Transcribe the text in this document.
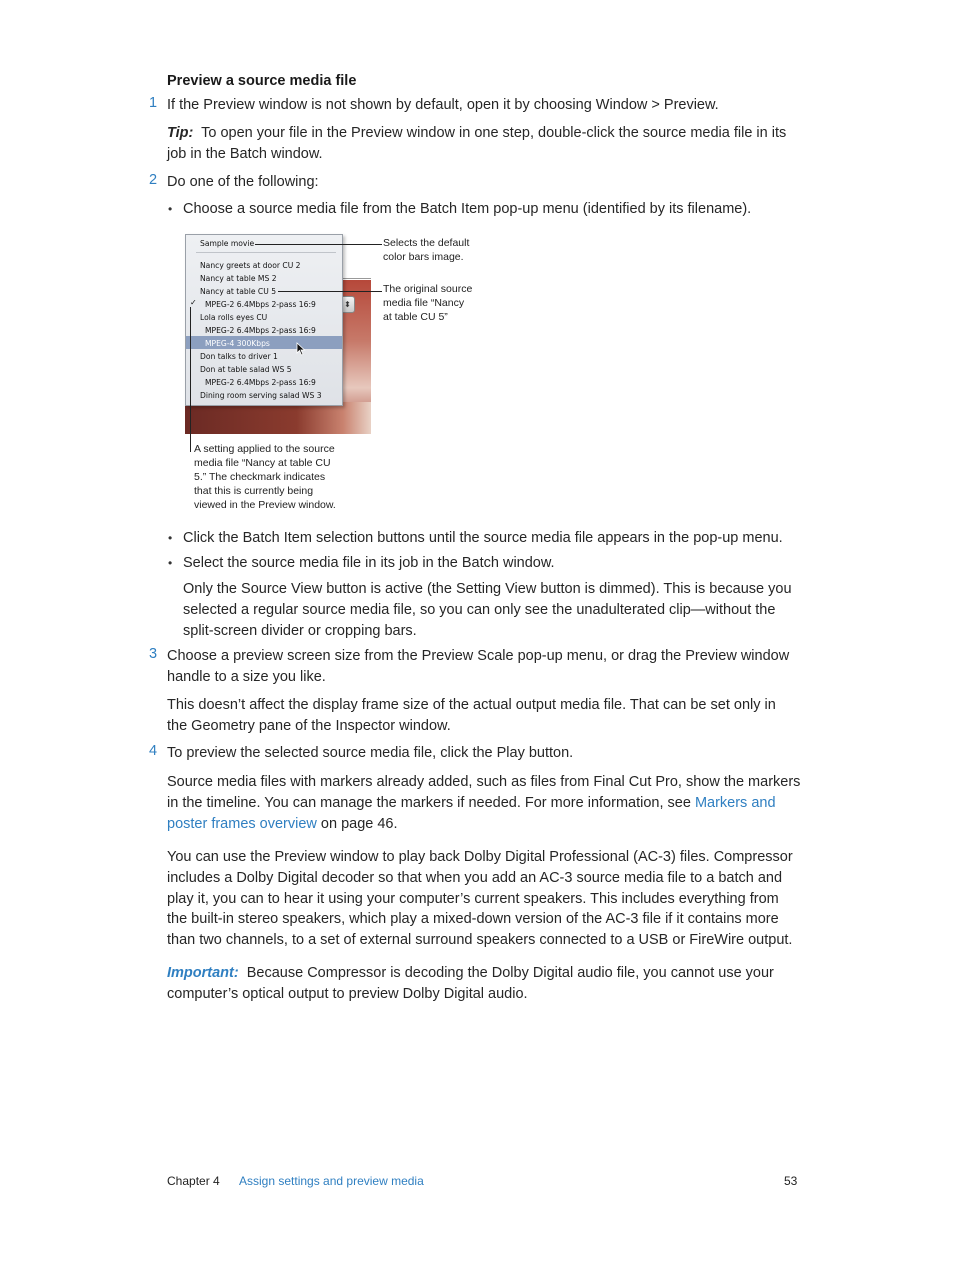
Preview a source media file
1 If the Preview window is not shown by default, open it by choosing Window > Preview.
Tip: To open your file in the Preview window in one step, double-click the source media file in its
job in the Batch window.
2 Do one of the following:
• Choose a source media file from the Batch Item pop-up menu (identified by its filename).
⬍
Sample movie
Nancy greets at door CU 2
Nancy at table MS 2
Nancy at table CU 5
✓ MPEG-2 6.4Mbps 2-pass 16:9
Lola rolls eyes CU
MPEG-2 6.4Mbps 2-pass 16:9
MPEG-4 300Kbps
Don talks to driver 1
Don at table salad WS 5
MPEG-2 6.4Mbps 2-pass 16:9
Dining room serving salad WS 3
Selects the default
color bars image.
The original source
media file “Nancy
at table CU 5”
A setting applied to the source
media file “Nancy at table CU
5.” The checkmark indicates
that this is currently being
viewed in the Preview window.
• Click the Batch Item selection buttons until the source media file appears in the pop-up menu.
• Select the source media file in its job in the Batch window.
Only the Source View button is active (the Setting View button is dimmed). This is because you
selected a regular source media file, so you can only see the unadulterated clip—without the
split-screen divider or cropping bars.
3 Choose a preview screen size from the Preview Scale pop-up menu, or drag the Preview window
handle to a size you like.
This doesn’t affect the display frame size of the actual output media file. That can be set only in
the Geometry pane of the Inspector window.
4 To preview the selected source media file, click the Play button.
Source media files with markers already added, such as files from Final Cut Pro, show the markers
in the timeline. You can manage the markers if needed. For more information, see Markers and
poster frames overview on page 46.
You can use the Preview window to play back Dolby Digital Professional (AC-3) files. Compressor
includes a Dolby Digital decoder so that when you add an AC-3 source media file to a batch and
play it, you can to hear it using your computer’s current speakers. This includes everything from
the built-in stereo speakers, which play a mixed-down version of the AC-3 file if it contains more
than two channels, to a set of external surround speakers connected to a USB or FireWire output.
Important: Because Compressor is decoding the Dolby Digital audio file, you cannot use your
computer’s optical output to preview Dolby Digital audio.
Chapter 4 Assign settings and preview media	53
